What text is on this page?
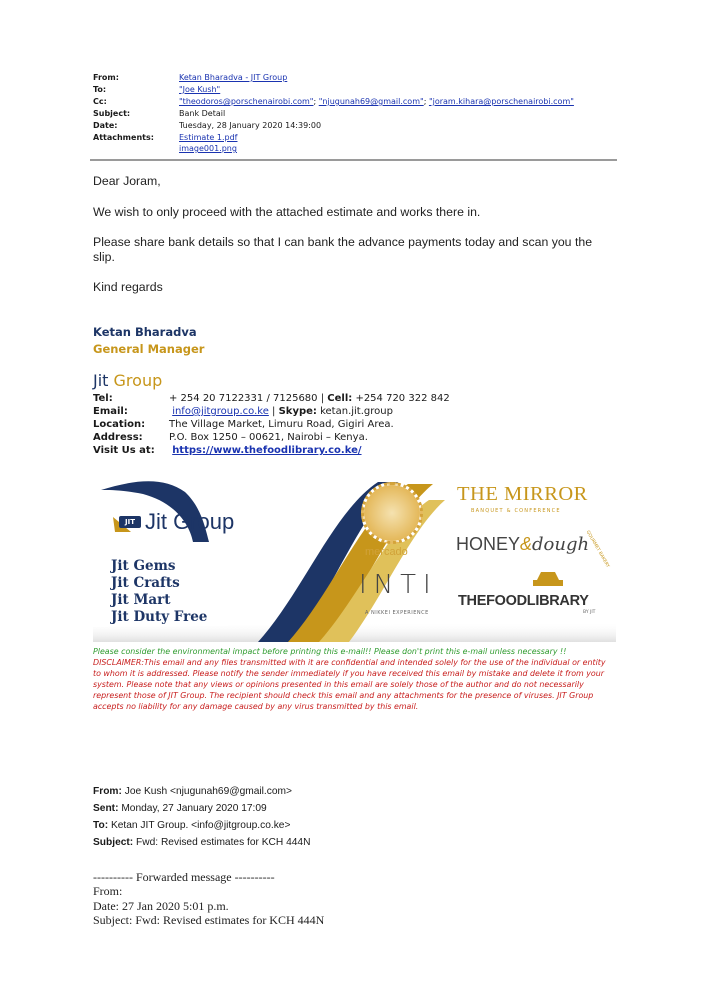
From:	Ketan Bharadva - JIT Group
To:	"Joe Kush"
Cc:	"theodoros@porschenairobi.com"; "njugunah69@gmail.com"; "joram.kihara@porschenairobi.com"
Subject:	Bank Detail
Date:	Tuesday, 28 January 2020 14:39:00
Attachments:	Estimate 1.pdf
image001.png
Dear Joram,
We wish to only proceed with the attached estimate and works there in.
Please share bank details so that I can bank the advance payments today and scan you the slip.
Kind regards
Ketan Bharadva
General Manager
Jit Group
Tel:	+ 254 20 7122331 / 7125680 | Cell: +254 720 322 842
Email:	info@jitgroup.co.ke | Skype: ketan.jit.group
Location: The Village Market, Limuru Road, Gigiri Area.
Address:	P.O. Box 1250 – 00621, Nairobi – Kenya.
Visit Us at:	https://www.thefoodlibrary.co.ke/
JIT Jit Group
Jit Gems
Jit Crafts
Jit Mart
Jit Duty Free
mercado
INTI
A NIKKEI EXPERIENCE
THE MIRROR
BANQUET & CONFERENCE
HONEY&dough
GOURMET BAKERY
THEFOODLIBRARY
BY JIT
Please consider the environmental impact before printing this e-mail!! Please don't print this e-mail unless necessary !!
DISCLAIMER:This email and any files transmitted with it are confidential and intended solely for the use of the individual or entity to whom it is addressed. Please notify the sender immediately if you have received this email by mistake and delete it from your system. Please note that any views or opinions presented in this email are solely those of the author and do not necessarily represent those of JIT Group. The recipient should check this email and any attachments for the presence of viruses. JIT Group accepts no liability for any damage caused by any virus transmitted by this email.
From: Joe Kush <njugunah69@gmail.com>
Sent: Monday, 27 January 2020 17:09
To: Ketan JIT Group. <info@jitgroup.co.ke>
Subject: Fwd: Revised estimates for KCH 444N
---------- Forwarded message ----------
From:
Date: 27 Jan 2020 5:01 p.m.
Subject: Fwd: Revised estimates for KCH 444N
